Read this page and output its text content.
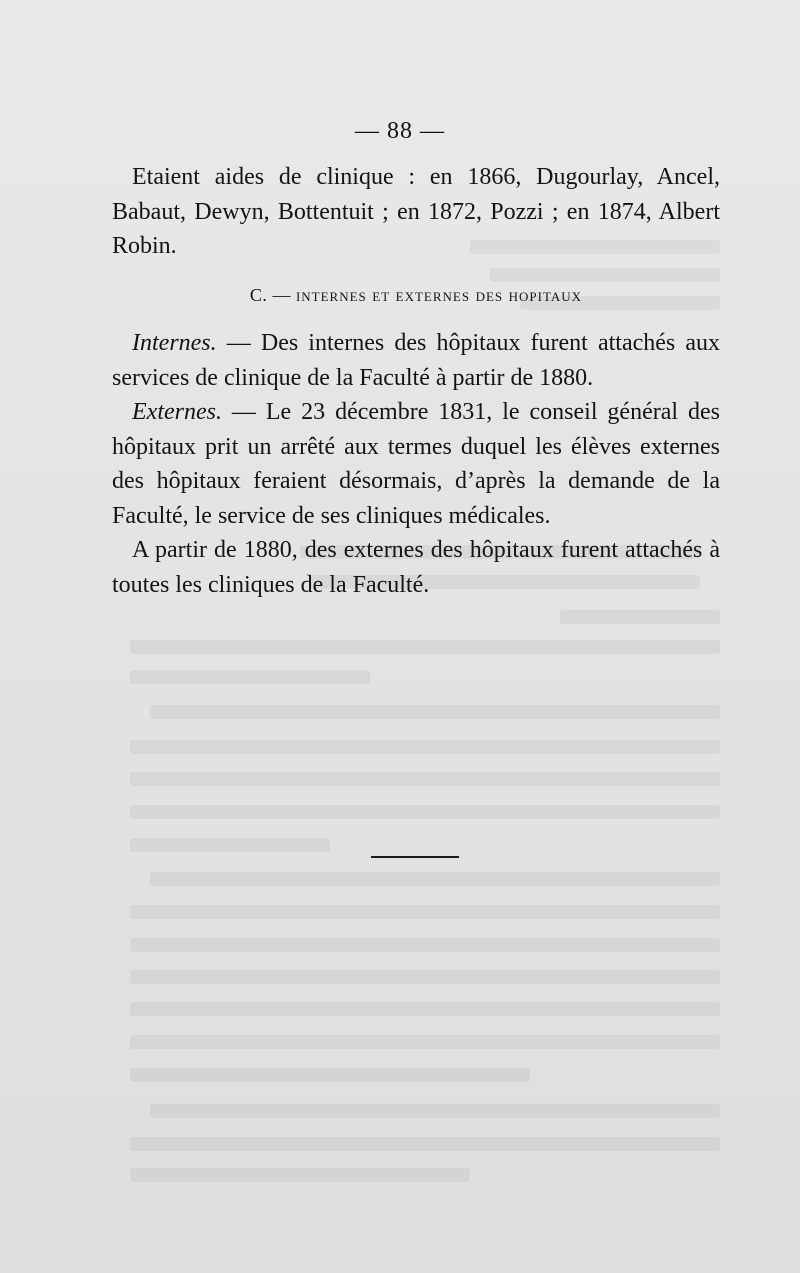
— 88 —

Etaient aides de clinique : en 1866, Dugourlay, Ancel, Babaut, Dewyn, Bottentuit ; en 1872, Pozzi ; en 1874, Albert Robin.

C. — internes et externes des hopitaux

Internes. — Des internes des hôpitaux furent attachés aux services de clinique de la Faculté à partir de 1880.

Externes. — Le 23 décembre 1831, le conseil général des hôpitaux prit un arrêté aux termes duquel les élèves externes des hôpitaux feraient désormais, d’après la demande de la Faculté, le service de ses cliniques médicales.

A partir de 1880, des externes des hôpitaux furent attachés à toutes les cliniques de la Faculté.
